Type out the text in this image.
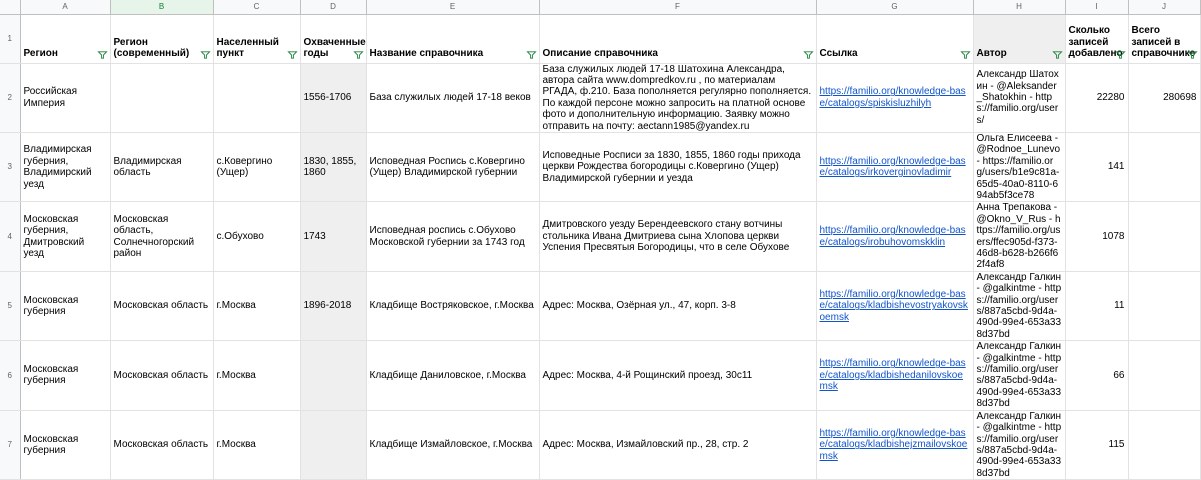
	A	B	C	D	E	F	G	H	I	J
1	Регион	Регион (современный)	Населенный пункт	Охваченные годы	Название справочника	Описание справочника	Ссылка	Автор	Сколько записей добавлено	Всего записей в справочнике

2	Российская Империя			1556-1706	База служилых людей 17-18 веков	База служилых людей 17-18 Шатохина Александра, автора сайта www.dompredkov.ru , по материалам РГАДА, ф.210. База пополняется регулярно пополняется. По каждой персоне можно запросить на платной основе фото и дополнительную информацию. Заявку можно отправить на почту: aectann1985@yandex.ru	https://familio.org/knowledge-base/catalogs/spiskisluzhilyh	Александр Шатохин - @Aleksander_Shatokhin - https://familio.org/users/	22280	280698
3	Владимирская губерния, Владимирский уезд	Владимирская область	с.Ковергино (Ущер)	1830, 1855, 1860	Исповедная Роспись с.Ковергино (Ущер) Владимирской губернии	Исповедные Росписи за 1830, 1855, 1860 годы прихода церкви Рождества богородицы с.Ковергино (Ущер) Владимирской губернии и уезда	https://familio.org/knowledge-base/catalogs/irkoverginovladimir	Ольга Елисеева - @Rodnoe_Lunevo - https://familio.org/users/b1e9c81a-65d5-40a0-8110-694ab5f3ce78	141	
4	Московская губерния, Дмитровский уезд	Московская область, Солнечногорский район	с.Обухово	1743	Исповедная роспись с.Обухово Московской губернии за 1743 год	Дмитровского уезду Берендеевского стану вотчины стольника Ивана Дмитриева сына Хлопова церкви Успения Пресвятыя Богородицы, что в селе Обухове	https://familio.org/knowledge-base/catalogs/irobuhovomskklin	Анна Трепакова - @Okno_V_Rus - https://familio.org/users/ffec905d-f373-46d8-b628-b266f62f4af8	1078	
5	Московская губерния	Московская область	г.Москва	1896-2018	Кладбище Востряковское, г.Москва	Адрес: Москва, Озёрная ул., 47, корп. 3-8	https://familio.org/knowledge-base/catalogs/kladbishevostryakovskoemsk	Александр Галкин - @galkintme - https://familio.org/users/887a5cbd-9d4a-490d-99e4-653a338d37bd	11	
6	Московская губерния	Московская область	г.Москва		Кладбище Даниловское, г.Москва	Адрес: Москва, 4-й Рощинский проезд, 30с11	https://familio.org/knowledge-base/catalogs/kladbishedanilovskoemsk	Александр Галкин - @galkintme - https://familio.org/users/887a5cbd-9d4a-490d-99e4-653a338d37bd	66	
7	Московская губерния	Московская область	г.Москва		Кладбище Измайловское, г.Москва	Адрес: Москва, Измайловский пр., 28, стр. 2	https://familio.org/knowledge-base/catalogs/kladbishejzmailovskoemsk	Александр Галкин - @galkintme - https://familio.org/users/887a5cbd-9d4a-490d-99e4-653a338d37bd	115	
